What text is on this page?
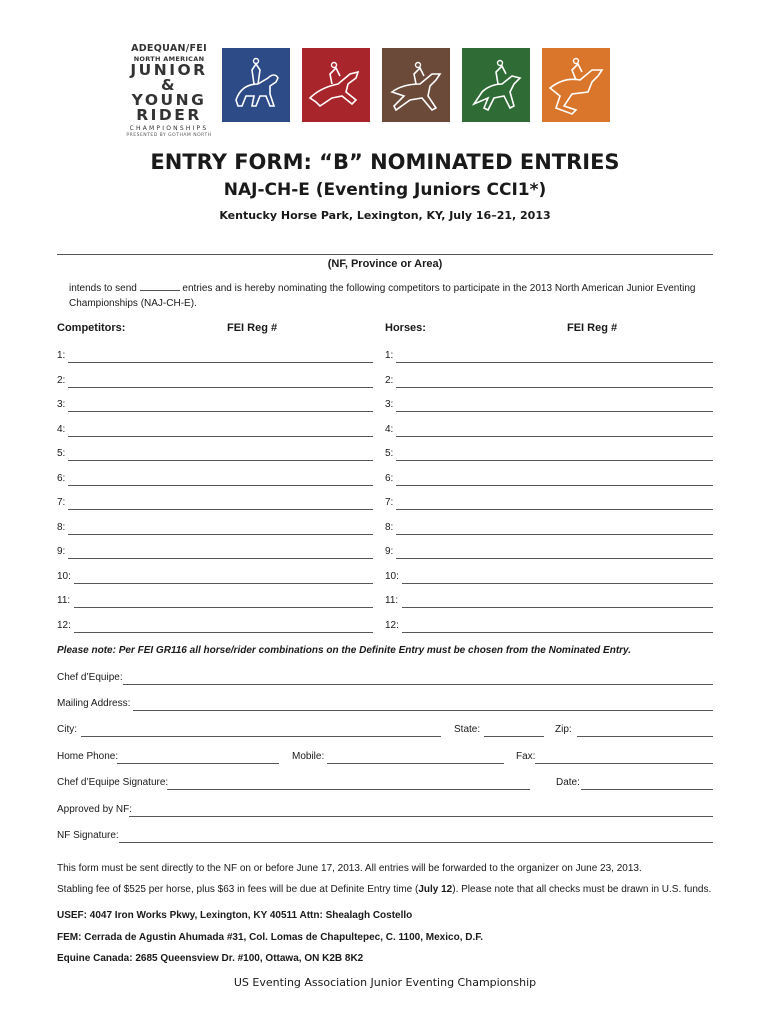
ADEQUAN/FEI
NORTH AMERICAN
JUNIOR
& YOUNG
RIDER
CHAMPIONSHIPS
PRESENTED BY GOTHAM NORTH
ENTRY FORM: “B” NOMINATED ENTRIES
NAJ-CH-E (Eventing Juniors CCI1*)
Kentucky Horse Park, Lexington, KY, July 16–21, 2013
(NF, Province or Area)
intends to send	entries and is hereby nominating the following competitors to participate in the 2013 North American Junior Eventing Championships (NAJ-CH-E).
Competitors:	FEI Reg #	Horses:	FEI Reg #
1:	1:
2:	2:
3:	3:
4:	4:
5:	5:
6:	6:
7:	7:
8:	8:
9:	9:
10:	10:
11:	11:
12:	12:
Please note: Per FEI GR116 all horse/rider combinations on the Definite Entry must be chosen from the Nominated Entry.
Chef d’Equipe:
Mailing Address:
City:	State:	Zip:
Home Phone:	Mobile:	Fax:
Chef d’Equipe Signature:	Date:
Approved by NF:
NF Signature:
This form must be sent directly to the NF on or before June 17, 2013. All entries will be forwarded to the organizer on June 23, 2013.
Stabling fee of $525 per horse, plus $63 in fees will be due at Definite Entry time (July 12). Please note that all checks must be drawn in U.S. funds.
USEF: 4047 Iron Works Pkwy, Lexington, KY 40511 Attn: Shealagh Costello
FEM: Cerrada de Agustin Ahumada #31, Col. Lomas de Chapultepec, C. 1100, Mexico, D.F.
Equine Canada: 2685 Queensview Dr. #100, Ottawa, ON K2B 8K2
US Eventing Association Junior Eventing Championship
